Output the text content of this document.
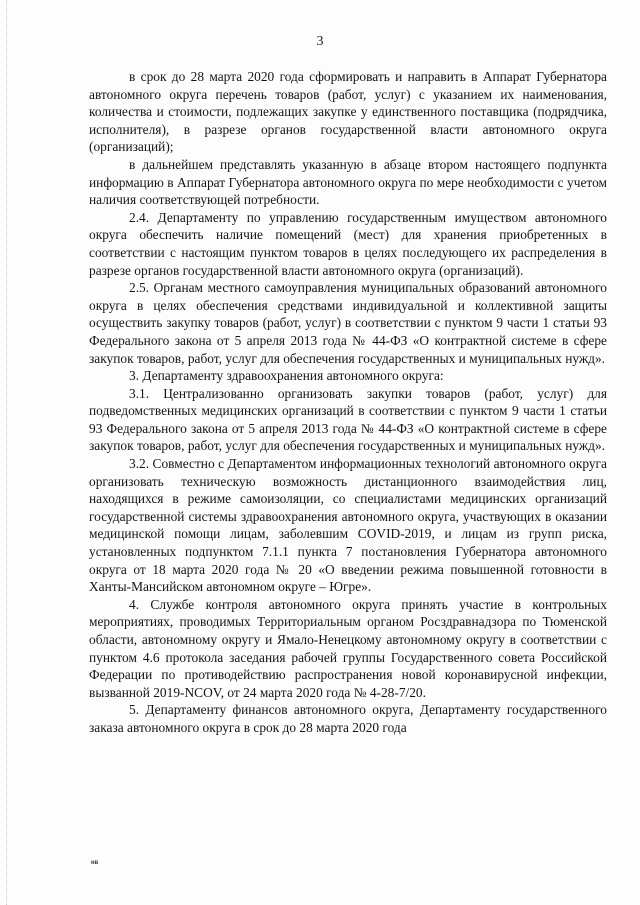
3

в срок до 28 марта 2020 года сформировать и направить в Аппарат Губернатора автономного округа перечень товаров (работ, услуг) с указанием их наименования, количества и стоимости, подлежащих закупке у единственного поставщика (подрядчика, исполнителя), в разрезе органов государственной власти автономного округа (организаций);

в дальнейшем представлять указанную в абзаце втором настоящего подпункта информацию в Аппарат Губернатора автономного округа по мере необходимости с учетом наличия соответствующей потребности.

2.4. Департаменту по управлению государственным имуществом автономного округа обеспечить наличие помещений (мест) для хранения приобретенных в соответствии с настоящим пунктом товаров в целях последующего их распределения в разрезе органов государственной власти автономного округа (организаций).

2.5. Органам местного самоуправления муниципальных образований автономного округа в целях обеспечения средствами индивидуальной и коллективной защиты осуществить закупку товаров (работ, услуг) в соответствии с пунктом 9 части 1 статьи 93 Федерального закона от 5 апреля 2013 года № 44-ФЗ «О контрактной системе в сфере закупок товаров, работ, услуг для обеспечения государственных и муниципальных нужд».

3. Департаменту здравоохранения автономного округа:

3.1. Централизованно организовать закупки товаров (работ, услуг) для подведомственных медицинских организаций в соответствии с пунктом 9 части 1 статьи 93 Федерального закона от 5 апреля 2013 года № 44-ФЗ «О контрактной системе в сфере закупок товаров, работ, услуг для обеспечения государственных и муниципальных нужд».

3.2. Совместно с Департаментом информационных технологий автономного округа организовать техническую возможность дистанционного взаимодействия лиц, находящихся в режиме самоизоляции, со специалистами медицинских организаций государственной системы здравоохранения автономного округа, участвующих в оказании медицинской помощи лицам, заболевшим COVID-2019, и лицам из групп риска, установленных подпунктом 7.1.1 пункта 7 постановления Губернатора автономного округа от 18 марта 2020 года № 20 «О введении режима повышенной готовности в Ханты-Мансийском автономном округе – Югре».

4. Службе контроля автономного округа принять участие в контрольных мероприятиях, проводимых Территориальным органом Росздравнадзора по Тюменской области, автономному округу и Ямало-Ненецкому автономному округу в соответствии с пунктом 4.6 протокола заседания рабочей группы Государственного совета Российской Федерации по противодействию распространения новой коронавирусной инфекции, вызванной 2019-NCOV, от 24 марта 2020 года № 4-28-7/20.

5. Департаменту финансов автономного округа, Департаменту государственного заказа автономного округа в срок до 28 марта 2020 года

нв
